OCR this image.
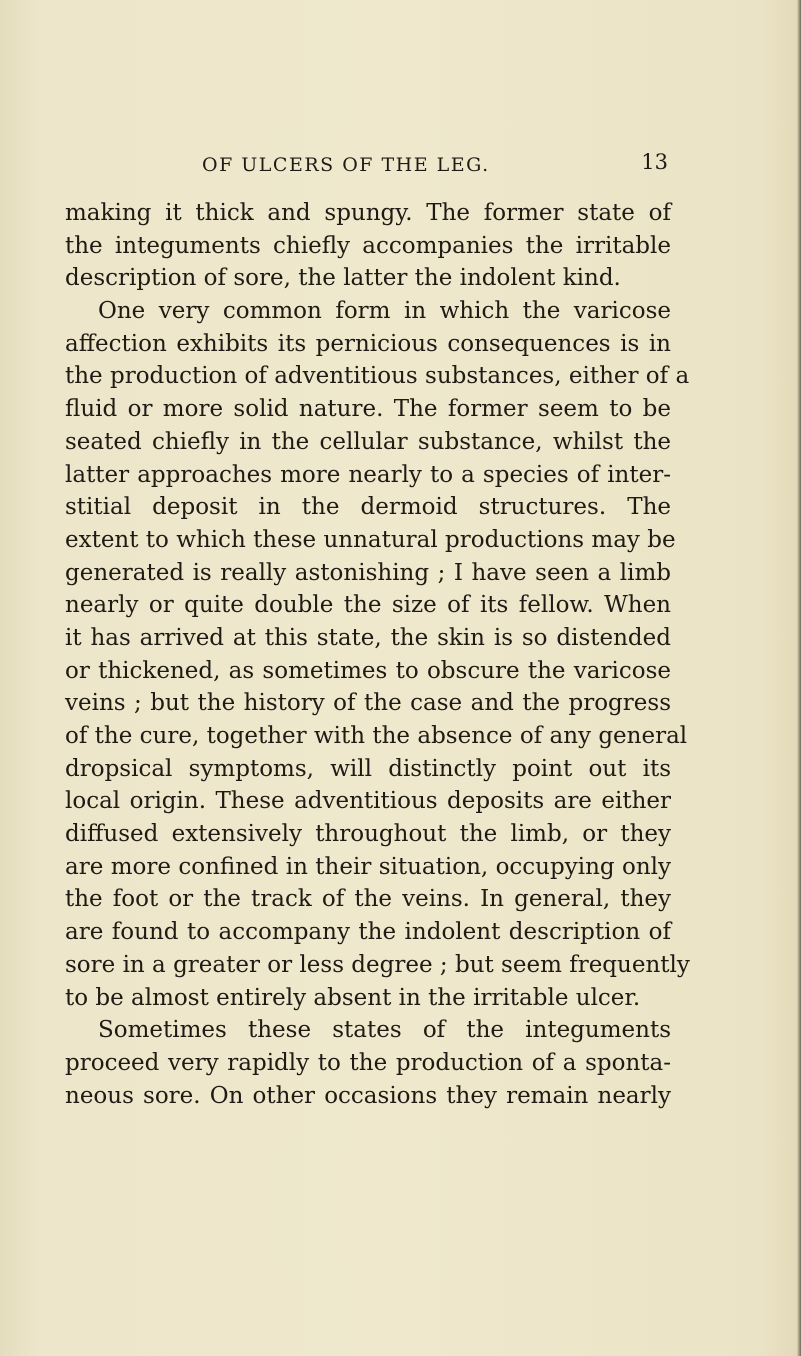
OF ULCERS OF THE LEG.	13
making it thick and spungy. The former state of
the integuments chiefly accompanies the irritable
description of sore, the latter the indolent kind.
One very common form in which the varicose
affection exhibits its pernicious consequences is in
the production of adventitious substances, either of a
fluid or more solid nature. The former seem to be
seated chiefly in the cellular substance, whilst the
latter approaches more nearly to a species of inter-
stitial deposit in the dermoid structures. The
extent to which these unnatural productions may be
generated is really astonishing ; I have seen a limb
nearly or quite double the size of its fellow. When
it has arrived at this state, the skin is so distended
or thickened, as sometimes to obscure the varicose
veins ; but the history of the case and the progress
of the cure, together with the absence of any general
dropsical symptoms, will distinctly point out its
local origin. These adventitious deposits are either
diffused extensively throughout the limb, or they
are more confined in their situation, occupying only
the foot or the track of the veins. In general, they
are found to accompany the indolent description of
sore in a greater or less degree ; but seem frequently
to be almost entirely absent in the irritable ulcer.
Sometimes these states of the integuments
proceed very rapidly to the production of a sponta-
neous sore. On other occasions they remain nearly
